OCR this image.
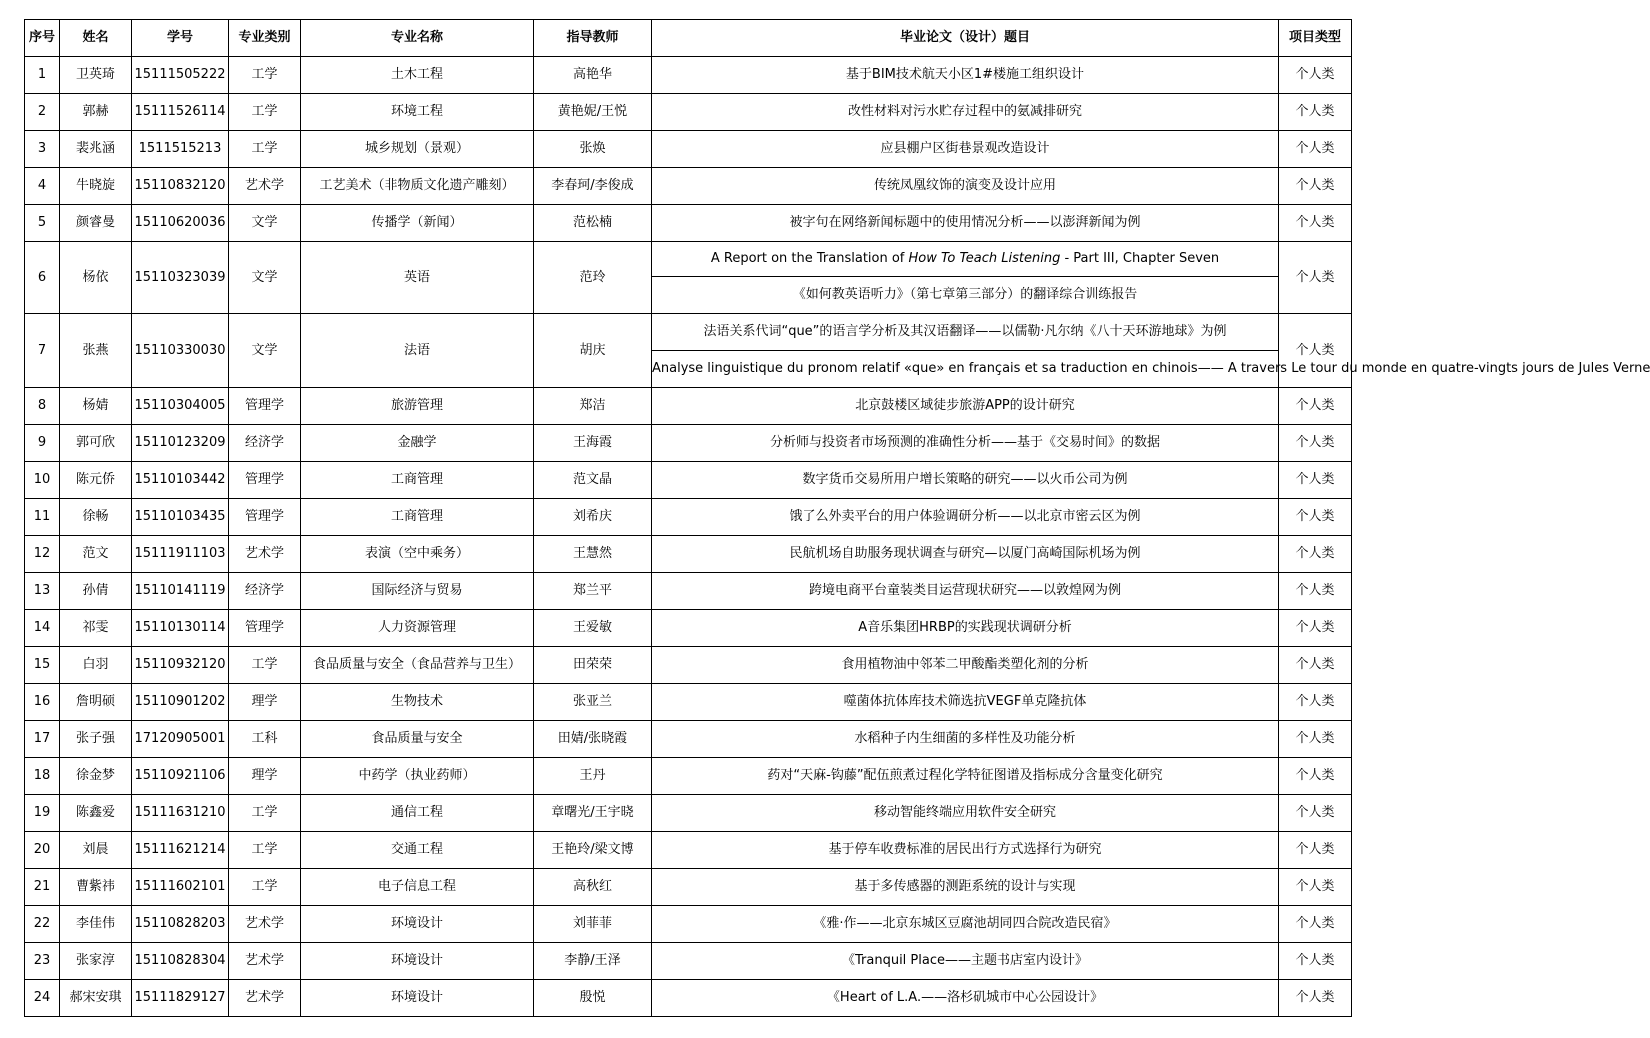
序号	姓名	学号	专业类别	专业名称	指导教师	毕业论文（设计）题目	项目类型
1	卫英琦	15111505222	工学	土木工程	高艳华	基于BIM技术航天小区1#楼施工组织设计	个人类
2	郭赫	15111526114	工学	环境工程	黄艳妮/王悦	改性材料对污水贮存过程中的氨减排研究	个人类
3	裴兆涵	1511515213	工学	城乡规划（景观）	张焕	应县棚户区街巷景观改造设计	个人类
4	牛晓旋	15110832120	艺术学	工艺美术（非物质文化遗产雕刻）	李春珂/李俊成	传统凤凰纹饰的演变及设计应用	个人类
5	颜睿曼	15110620036	文学	传播学（新闻）	范松楠	被字句在网络新闻标题中的使用情况分析——以澎湃新闻为例	个人类
6	杨依	15110323039	文学	英语	范玲	A Report on the Translation of How To Teach Listening - Part III, Chapter Seven	个人类
						《如何教英语听力》（第七章第三部分）的翻译综合训练报告	
7	张燕	15110330030	文学	法语	胡庆	法语关系代词“que”的语言学分析及其汉语翻译——以儒勒·凡尔纳《八十天环游地球》为例	个人类
						Analyse linguistique du pronom relatif «que» en français et sa traduction en chinois—— A travers Le tour du monde en quatre-vingts jours de Jules Verne	
8	杨婧	15110304005	管理学	旅游管理	郑洁	北京鼓楼区域徒步旅游APP的设计研究	个人类
9	郭可欣	15110123209	经济学	金融学	王海霞	分析师与投资者市场预测的准确性分析——基于《交易时间》的数据	个人类
10	陈元侨	15110103442	管理学	工商管理	范文晶	数字货币交易所用户增长策略的研究——以火币公司为例	个人类
11	徐畅	15110103435	管理学	工商管理	刘希庆	饿了么外卖平台的用户体验调研分析——以北京市密云区为例	个人类
12	范文	15111911103	艺术学	表演（空中乘务）	王慧然	民航机场自助服务现状调查与研究—以厦门高崎国际机场为例	个人类
13	孙倩	15110141119	经济学	国际经济与贸易	郑兰平	跨境电商平台童装类目运营现状研究——以敦煌网为例	个人类
14	祁雯	15110130114	管理学	人力资源管理	王爱敏	A音乐集团HRBP的实践现状调研分析	个人类
15	白羽	15110932120	工学	食品质量与安全（食品营养与卫生）	田荣荣	食用植物油中邻苯二甲酸酯类塑化剂的分析	个人类
16	詹明硕	15110901202	理学	生物技术	张亚兰	噬菌体抗体库技术筛选抗VEGF单克隆抗体	个人类
17	张子强	17120905001	工科	食品质量与安全	田婧/张晓霞	水稻种子内生细菌的多样性及功能分析	个人类
18	徐金梦	15110921106	理学	中药学（执业药师）	王丹	药对“天麻-钩藤”配伍煎煮过程化学特征图谱及指标成分含量变化研究	个人类
19	陈鑫爱	15111631210	工学	通信工程	章曙光/王宇晓	移动智能终端应用软件安全研究	个人类
20	刘晨	15111621214	工学	交通工程	王艳玲/梁文博	基于停车收费标准的居民出行方式选择行为研究	个人类
21	曹紫祎	15111602101	工学	电子信息工程	高秋红	基于多传感器的测距系统的设计与实现	个人类
22	李佳伟	15110828203	艺术学	环境设计	刘菲菲	《雅·作——北京东城区豆腐池胡同四合院改造民宿》	个人类
23	张家淳	15110828304	艺术学	环境设计	李静/王泽	《Tranquil Place——主题书店室内设计》	个人类
24	郝宋安琪	15111829127	艺术学	环境设计	殷悦	《Heart of L.A.——洛杉矶城市中心公园设计》	个人类
